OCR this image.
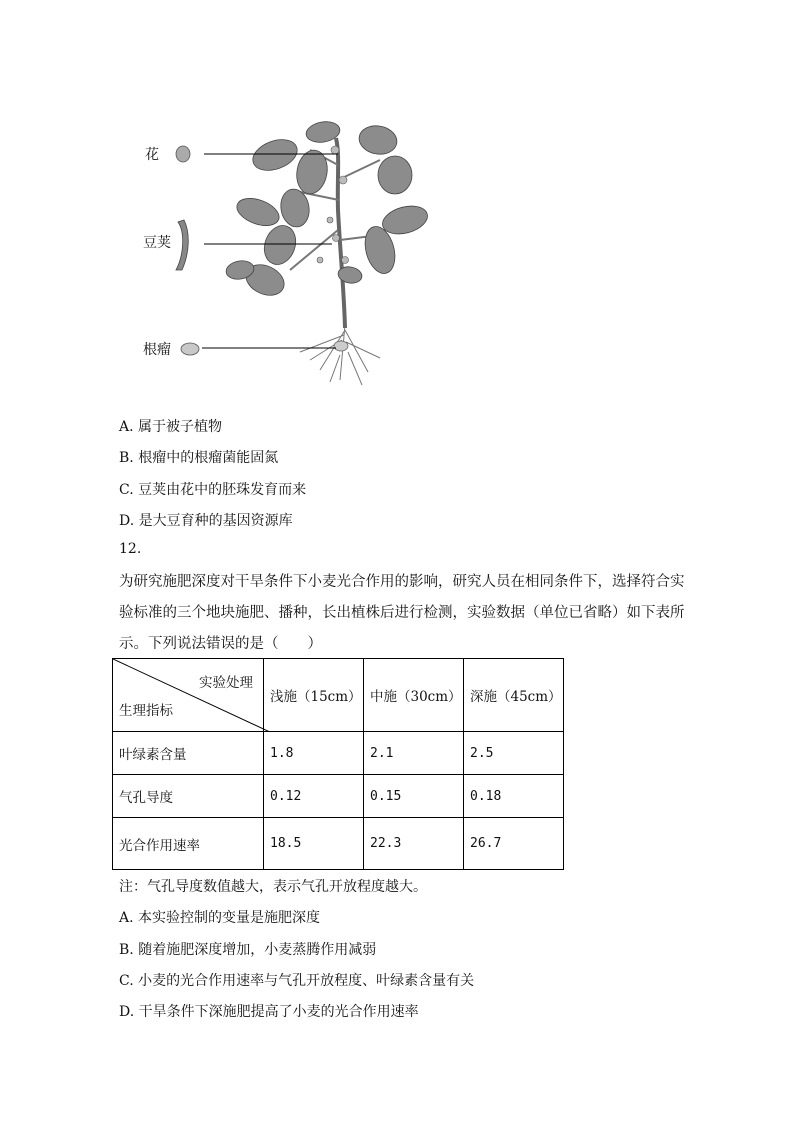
花
豆荚
根瘤
A. 属于被子植物
B. 根瘤中的根瘤菌能固氮
C. 豆荚由花中的胚珠发育而来
D. 是大豆育种的基因资源库
12.
为研究施肥深度对干旱条件下小麦光合作用的影响，研究人员在相同条件下，选择符合实
验标准的三个地块施肥、播种，长出植株后进行检测，实验数据（单位已省略）如下表所
示。下列说法错误的是（　　）
实验处理
生理指标	浅施（15cm）	中施（30cm）	深施（45cm）
叶绿素含量	1.8	2.1	2.5
气孔导度	0.12	0.15	0.18
光合作用速率	18.5	22.3	26.7
注：气孔导度数值越大，表示气孔开放程度越大。
A. 本实验控制的变量是施肥深度
B. 随着施肥深度增加，小麦蒸腾作用减弱
C. 小麦的光合作用速率与气孔开放程度、叶绿素含量有关
D. 干旱条件下深施肥提高了小麦的光合作用速率
